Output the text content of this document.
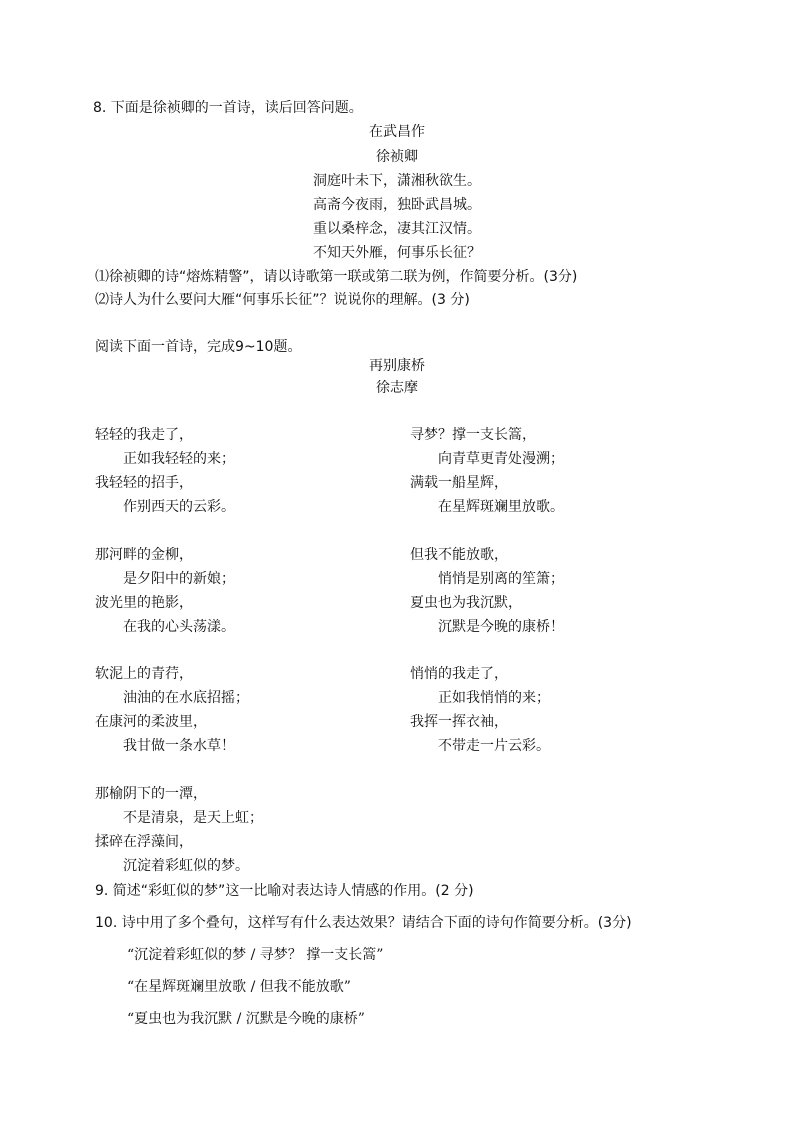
8. 下面是徐祯卿的一首诗，读后回答问题。
在武昌作
徐祯卿
洞庭叶未下，潇湘秋欲生。
高斋今夜雨，独卧武昌城。
重以桑梓念，凄其江汉情。
不知天外雁，何事乐长征？
⑴徐祯卿的诗“熔炼精警”，请以诗歌第一联或第二联为例，作简要分析。(3分)
⑵诗人为什么要问大雁“何事乐长征”？说说你的理解。(3 分)
阅读下面一首诗，完成9~10题。
再别康桥
徐志摩
轻轻的我走了，
正如我轻轻的来；
我轻轻的招手，
作别西天的云彩。
那河畔的金柳，
是夕阳中的新娘；
波光里的艳影，
在我的心头荡漾。
软泥上的青荇，
油油的在水底招摇；
在康河的柔波里，
我甘做一条水草！
那榆阴下的一潭，
不是清泉，是天上虹；
揉碎在浮藻间，
沉淀着彩虹似的梦。
寻梦？撑一支长篙，
向青草更青处漫溯；
满载一船星辉，
在星辉斑斓里放歌。
但我不能放歌，
悄悄是别离的笙箫；
夏虫也为我沉默，
沉默是今晚的康桥！
悄悄的我走了，
正如我悄悄的来；
我挥一挥衣袖，
不带走一片云彩。
9. 简述“彩虹似的梦”这一比喻对表达诗人情感的作用。(2 分)
10. 诗中用了多个叠句，这样写有什么表达效果？请结合下面的诗句作简要分析。(3分)
“沉淀着彩虹似的梦 / 寻梦？ 撑一支长篙”
“在星辉斑斓里放歌 / 但我不能放歌”
“夏虫也为我沉默 / 沉默是今晚的康桥”
